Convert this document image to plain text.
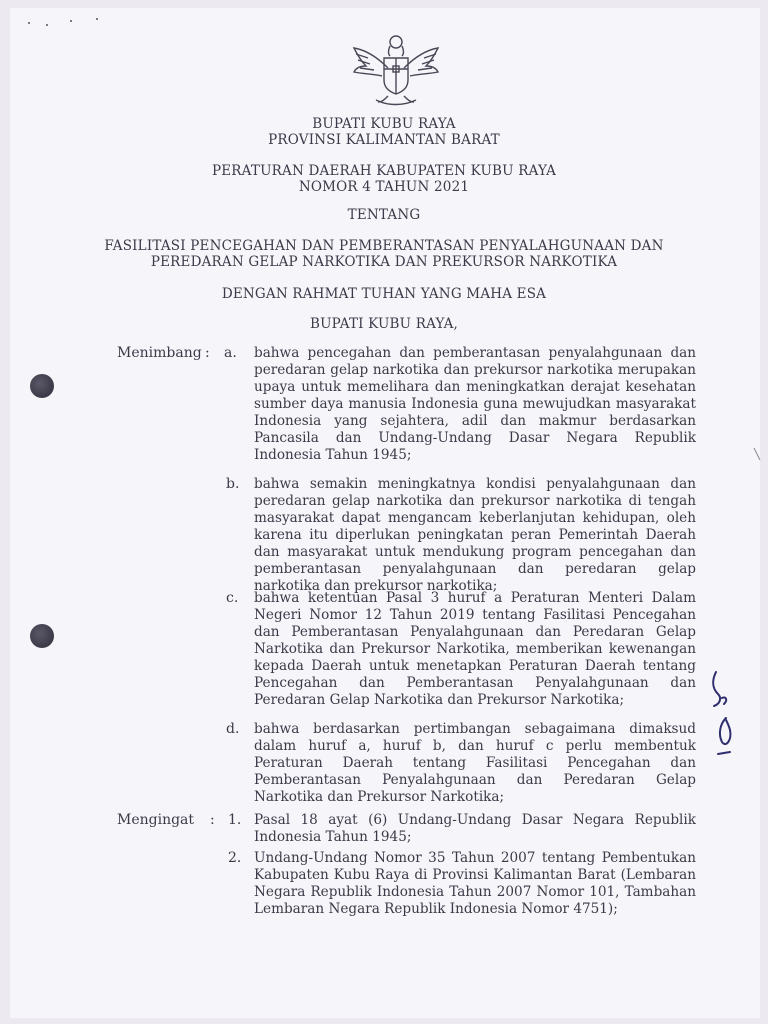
BUPATI KUBU RAYA
PROVINSI KALIMANTAN BARAT
PERATURAN DAERAH KABUPATEN KUBU RAYA
NOMOR 4 TAHUN 2021
TENTANG
FASILITASI PENCEGAHAN DAN PEMBERANTASAN PENYALAHGUNAAN DAN
PEREDARAN GELAP NARKOTIKA DAN PREKURSOR NARKOTIKA
DENGAN RAHMAT TUHAN YANG MAHA ESA
BUPATI KUBU RAYA,
Menimbang : a. bahwa pencegahan dan pemberantasan penyalahgunaan dan peredaran gelap narkotika dan prekursor narkotika merupakan upaya untuk memelihara dan meningkatkan derajat kesehatan sumber daya manusia Indonesia guna mewujudkan masyarakat Indonesia yang sejahtera, adil dan makmur berdasarkan Pancasila dan Undang-Undang Dasar Negara Republik Indonesia Tahun 1945;
b. bahwa semakin meningkatnya kondisi penyalahgunaan dan peredaran gelap narkotika dan prekursor narkotika di tengah masyarakat dapat mengancam keberlanjutan kehidupan, oleh karena itu diperlukan peningkatan peran Pemerintah Daerah dan masyarakat untuk mendukung program pencegahan dan pemberantasan penyalahgunaan dan peredaran gelap narkotika dan prekursor narkotika;
c. bahwa ketentuan Pasal 3 huruf a Peraturan Menteri Dalam Negeri Nomor 12 Tahun 2019 tentang Fasilitasi Pencegahan dan Pemberantasan Penyalahgunaan dan Peredaran Gelap Narkotika dan Prekursor Narkotika, memberikan kewenangan kepada Daerah untuk menetapkan Peraturan Daerah tentang Pencegahan dan Pemberantasan Penyalahgunaan dan Peredaran Gelap Narkotika dan Prekursor Narkotika;
d. bahwa berdasarkan pertimbangan sebagaimana dimaksud dalam huruf a, huruf b, dan huruf c perlu membentuk Peraturan Daerah tentang Fasilitasi Pencegahan dan Pemberantasan Penyalahgunaan dan Peredaran Gelap Narkotika dan Prekursor Narkotika;
Mengingat : 1. Pasal 18 ayat (6) Undang-Undang Dasar Negara Republik Indonesia Tahun 1945;
2. Undang-Undang Nomor 35 Tahun 2007 tentang Pembentukan Kabupaten Kubu Raya di Provinsi Kalimantan Barat (Lembaran Negara Republik Indonesia Tahun 2007 Nomor 101, Tambahan Lembaran Negara Republik Indonesia Nomor 4751);
